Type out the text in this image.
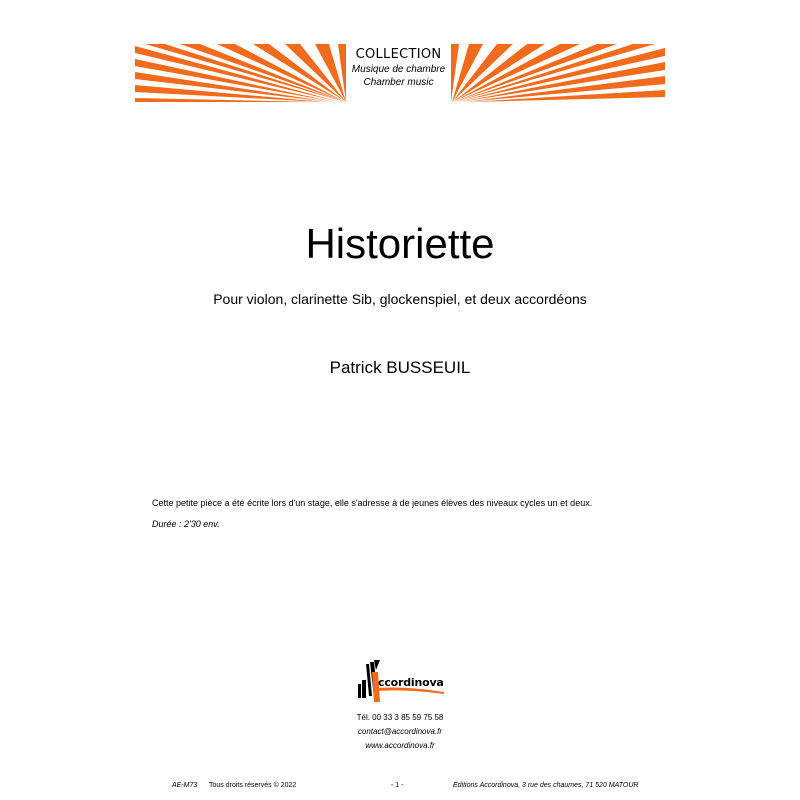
COLLECTION
Musique de chambre
Chamber music
Historiette
Pour violon, clarinette Sib, glockenspiel, et deux accordéons
Patrick BUSSEUIL
Cette petite pièce a été écrite lors d'un stage, elle s'adresse à de jeunes élèves des niveaux cycles un et deux.
Durée : 2'30 env.
ccordinova
Tél. 00 33 3 85 59 75 58
contact@accordinova.fr
www.accordinova.fr
AE-M73 Tous droits réservés © 2022	- 1 -	Editions Accordinova, 3 rue des chaumes, 71 520 MATOUR
